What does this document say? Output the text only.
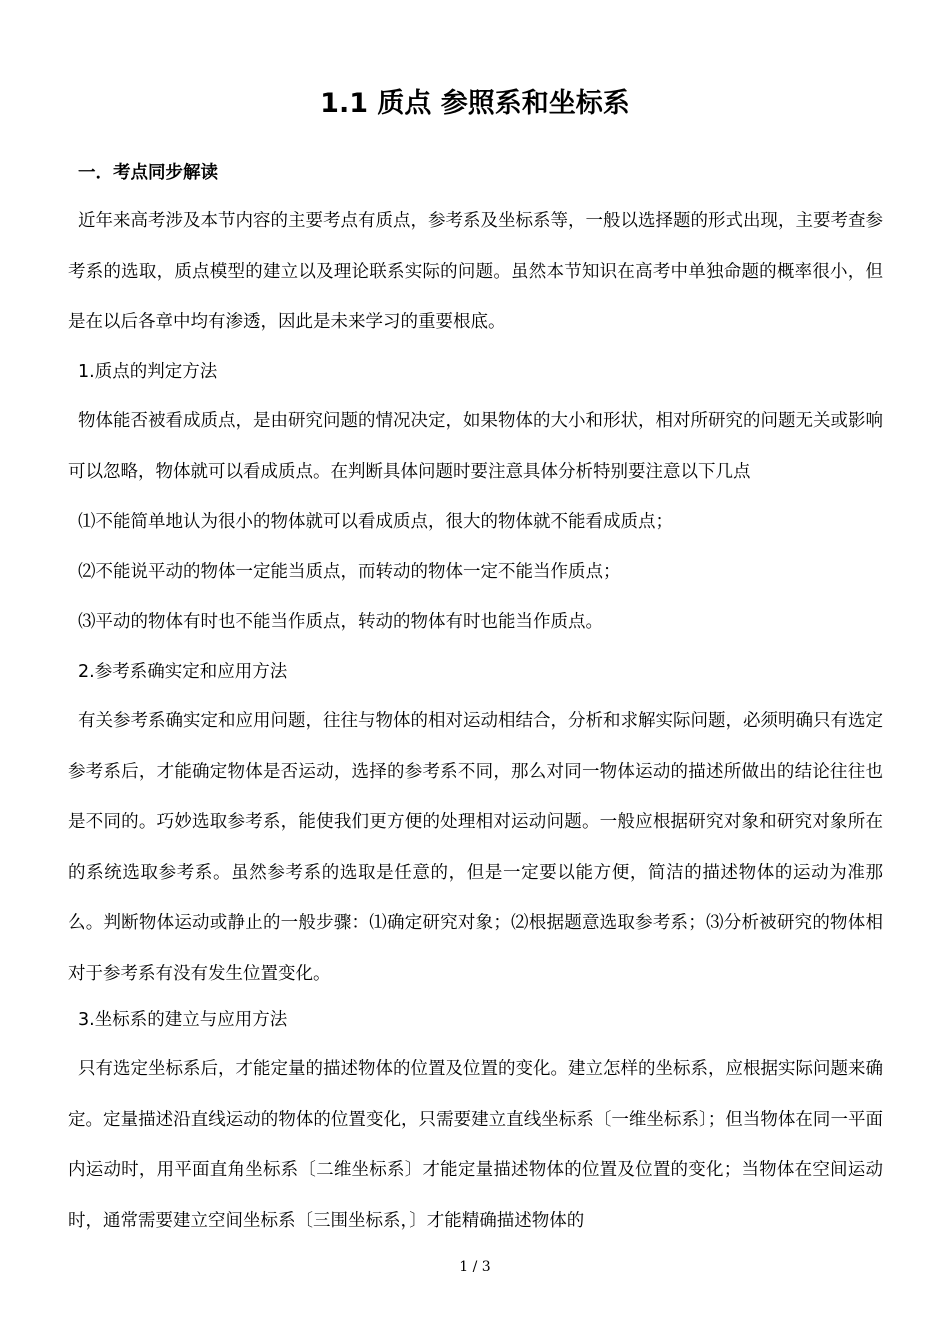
1.1 质点 参照系和坐标系
一．考点同步解读
近年来高考涉及本节内容的主要考点有质点，参考系及坐标系等，一般以选择题的形式出现，主要考查参考系的选取，质点模型的建立以及理论联系实际的问题。虽然本节知识在高考中单独命题的概率很小，但是在以后各章中均有渗透，因此是未来学习的重要根底。
1.质点的判定方法
物体能否被看成质点，是由研究问题的情况决定，如果物体的大小和形状，相对所研究的问题无关或影响可以忽略，物体就可以看成质点。在判断具体问题时要注意具体分析特别要注意以下几点
⑴不能简单地认为很小的物体就可以看成质点，很大的物体就不能看成质点；
⑵不能说平动的物体一定能当质点，而转动的物体一定不能当作质点；
⑶平动的物体有时也不能当作质点，转动的物体有时也能当作质点。
2.参考系确实定和应用方法
有关参考系确实定和应用问题，往往与物体的相对运动相结合，分析和求解实际问题，必须明确只有选定参考系后，才能确定物体是否运动，选择的参考系不同，那么对同一物体运动的描述所做出的结论往往也是不同的。巧妙选取参考系，能使我们更方便的处理相对运动问题。一般应根据研究对象和研究对象所在的系统选取参考系。虽然参考系的选取是任意的，但是一定要以能方便，简洁的描述物体的运动为准那么。判断物体运动或静止的一般步骤：⑴确定研究对象；⑵根据题意选取参考系；⑶分析被研究的物体相对于参考系有没有发生位置变化。
3.坐标系的建立与应用方法
只有选定坐标系后，才能定量的描述物体的位置及位置的变化。建立怎样的坐标系，应根据实际问题来确定。定量描述沿直线运动的物体的位置变化，只需要建立直线坐标系〔一维坐标系〕；但当物体在同一平面内运动时，用平面直角坐标系〔二维坐标系〕才能定量描述物体的位置及位置的变化；当物体在空间运动时，通常需要建立空间坐标系〔三围坐标系，〕才能精确描述物体的
1 / 3
